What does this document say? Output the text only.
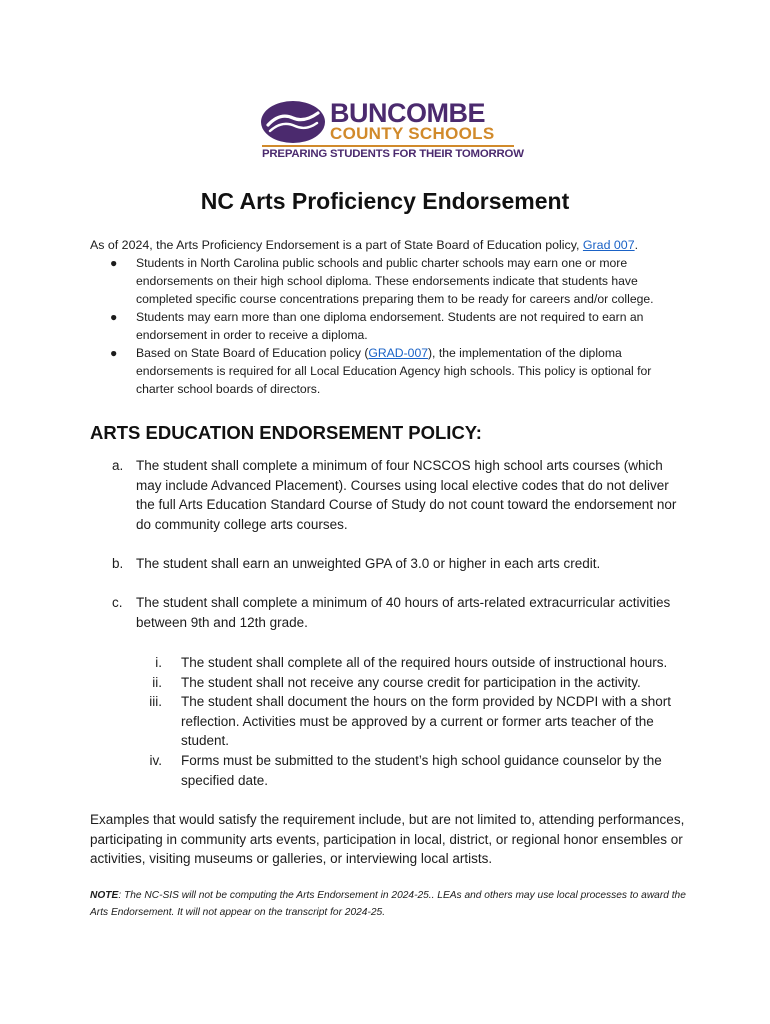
BUNCOMBE
COUNTY SCHOOLS
PREPARING STUDENTS FOR THEIR TOMORROW
NC Arts Proficiency Endorsement

As of 2024, the Arts Proficiency Endorsement is a part of State Board of Education policy, Grad 007.

● Students in North Carolina public schools and public charter schools may earn one or more endorsements on their high school diploma. These endorsements indicate that students have completed specific course concentrations preparing them to be ready for careers and/or college.
● Students may earn more than one diploma endorsement. Students are not required to earn an endorsement in order to receive a diploma.
● Based on State Board of Education policy (GRAD-007), the implementation of the diploma endorsements is required for all Local Education Agency high schools. This policy is optional for charter school boards of directors.
ARTS EDUCATION ENDORSEMENT POLICY:
a. The student shall complete a minimum of four NCSCOS high school arts courses (which may include Advanced Placement). Courses using local elective codes that do not deliver the full Arts Education Standard Course of Study do not count toward the endorsement nor do community college arts courses.
b. The student shall earn an unweighted GPA of 3.0 or higher in each arts credit.
c. The student shall complete a minimum of 40 hours of arts-related extracurricular activities between 9th and 12th grade.
i. The student shall complete all of the required hours outside of instructional hours.
ii. The student shall not receive any course credit for participation in the activity.
iii. The student shall document the hours on the form provided by NCDPI with a short reflection. Activities must be approved by a current or former arts teacher of the student.
iv. Forms must be submitted to the student’s high school guidance counselor by the specified date.

Examples that would satisfy the requirement include, but are not limited to, attending performances, participating in community arts events, participation in local, district, or regional honor ensembles or activities, visiting museums or galleries, or interviewing local artists.

NOTE: The NC-SIS will not be computing the Arts Endorsement in 2024-25.. LEAs and others may use local processes to award the Arts Endorsement. It will not appear on the transcript for 2024-25.
